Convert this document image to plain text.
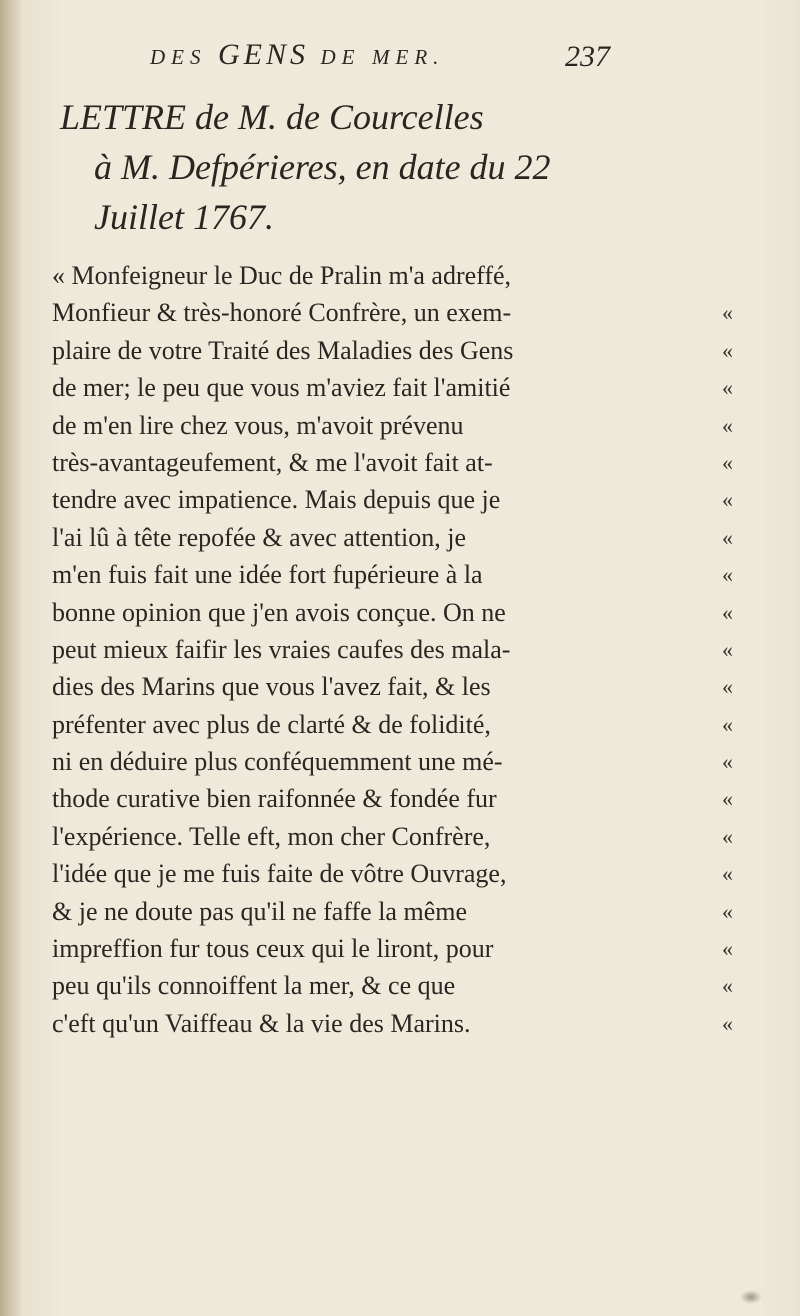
DES GENS DE MER.	237
LETTRE de M. de Courcelles
à M. Defpérieres, en date du 22
Juillet 1767.
« Monfeigneur le Duc de Pralin m'a adreffé,
Monfieur & très-honoré Confrère, un exem-	«
plaire de votre Traité des Maladies des Gens	«
de mer; le peu que vous m'aviez fait l'amitié	«
de m'en lire chez vous, m'avoit prévenu	«
très-avantageufement, & me l'avoit fait at-	«
tendre avec impatience. Mais depuis que je	«
l'ai lû à tête repofée & avec attention, je	«
m'en fuis fait une idée fort fupérieure à la	«
bonne opinion que j'en avois conçue. On ne	«
peut mieux faifir les vraies caufes des mala-	«
dies des Marins que vous l'avez fait, & les	«
préfenter avec plus de clarté & de folidité,	«
ni en déduire plus conféquemment une mé-	«
thode curative bien raifonnée & fondée fur	«
l'expérience. Telle eft, mon cher Confrère,	«
l'idée que je me fuis faite de vôtre Ouvrage,	«
& je ne doute pas qu'il ne faffe la même	«
impreffion fur tous ceux qui le liront, pour	«
peu qu'ils connoiffent la mer, & ce que	«
c'eft qu'un Vaiffeau & la vie des Marins.	«
